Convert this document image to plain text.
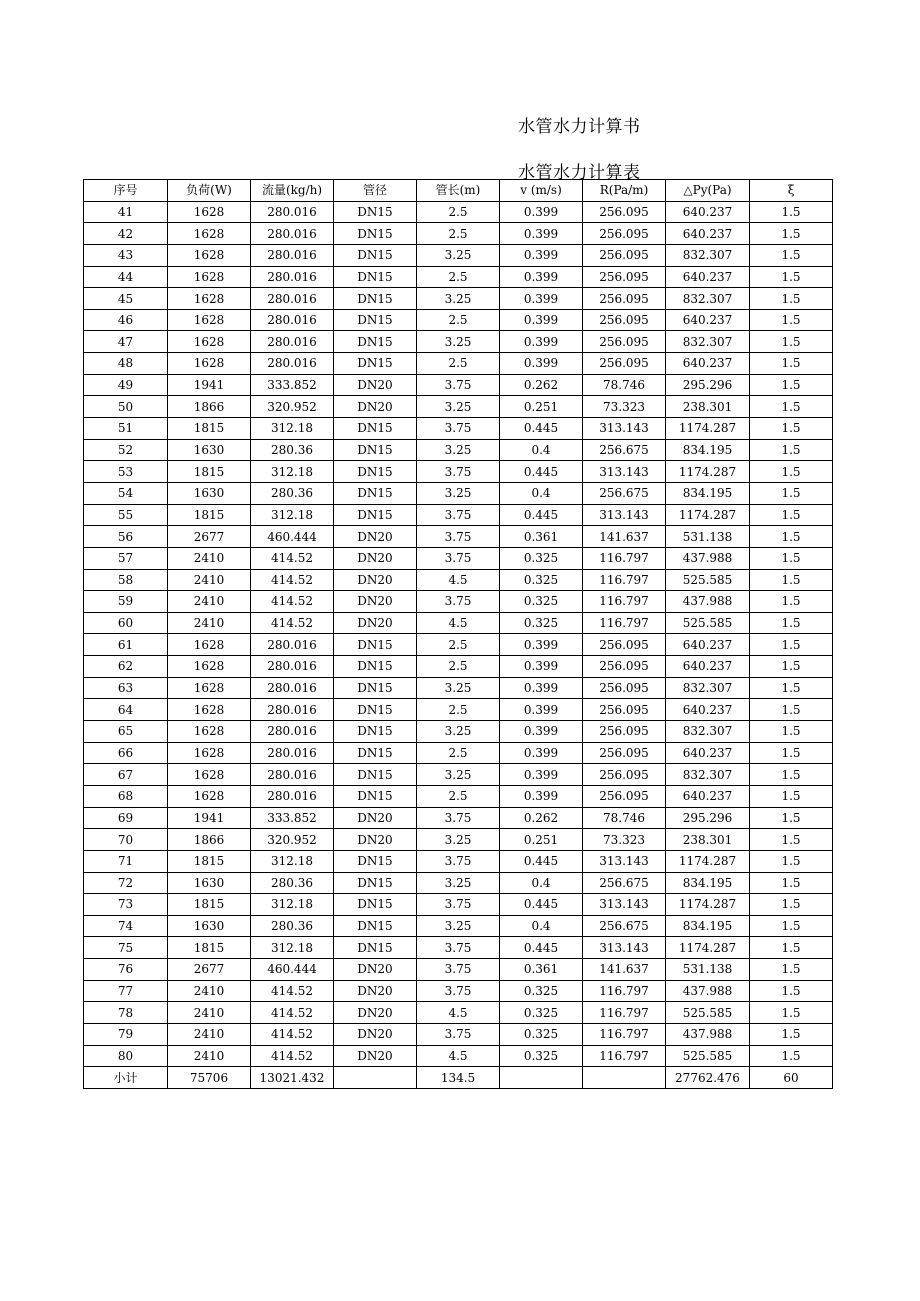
水管水力计算书
水管水力计算表
序号	负荷(W)	流量(kg/h)	管径	管长(m)	v (m/s)	R(Pa/m)	△Py(Pa)	ξ
41	1628	280.016	DN15	2.5	0.399	256.095	640.237	1.5
42	1628	280.016	DN15	2.5	0.399	256.095	640.237	1.5
43	1628	280.016	DN15	3.25	0.399	256.095	832.307	1.5
44	1628	280.016	DN15	2.5	0.399	256.095	640.237	1.5
45	1628	280.016	DN15	3.25	0.399	256.095	832.307	1.5
46	1628	280.016	DN15	2.5	0.399	256.095	640.237	1.5
47	1628	280.016	DN15	3.25	0.399	256.095	832.307	1.5
48	1628	280.016	DN15	2.5	0.399	256.095	640.237	1.5
49	1941	333.852	DN20	3.75	0.262	78.746	295.296	1.5
50	1866	320.952	DN20	3.25	0.251	73.323	238.301	1.5
51	1815	312.18	DN15	3.75	0.445	313.143	1174.287	1.5
52	1630	280.36	DN15	3.25	0.4	256.675	834.195	1.5
53	1815	312.18	DN15	3.75	0.445	313.143	1174.287	1.5
54	1630	280.36	DN15	3.25	0.4	256.675	834.195	1.5
55	1815	312.18	DN15	3.75	0.445	313.143	1174.287	1.5
56	2677	460.444	DN20	3.75	0.361	141.637	531.138	1.5
57	2410	414.52	DN20	3.75	0.325	116.797	437.988	1.5
58	2410	414.52	DN20	4.5	0.325	116.797	525.585	1.5
59	2410	414.52	DN20	3.75	0.325	116.797	437.988	1.5
60	2410	414.52	DN20	4.5	0.325	116.797	525.585	1.5
61	1628	280.016	DN15	2.5	0.399	256.095	640.237	1.5
62	1628	280.016	DN15	2.5	0.399	256.095	640.237	1.5
63	1628	280.016	DN15	3.25	0.399	256.095	832.307	1.5
64	1628	280.016	DN15	2.5	0.399	256.095	640.237	1.5
65	1628	280.016	DN15	3.25	0.399	256.095	832.307	1.5
66	1628	280.016	DN15	2.5	0.399	256.095	640.237	1.5
67	1628	280.016	DN15	3.25	0.399	256.095	832.307	1.5
68	1628	280.016	DN15	2.5	0.399	256.095	640.237	1.5
69	1941	333.852	DN20	3.75	0.262	78.746	295.296	1.5
70	1866	320.952	DN20	3.25	0.251	73.323	238.301	1.5
71	1815	312.18	DN15	3.75	0.445	313.143	1174.287	1.5
72	1630	280.36	DN15	3.25	0.4	256.675	834.195	1.5
73	1815	312.18	DN15	3.75	0.445	313.143	1174.287	1.5
74	1630	280.36	DN15	3.25	0.4	256.675	834.195	1.5
75	1815	312.18	DN15	3.75	0.445	313.143	1174.287	1.5
76	2677	460.444	DN20	3.75	0.361	141.637	531.138	1.5
77	2410	414.52	DN20	3.75	0.325	116.797	437.988	1.5
78	2410	414.52	DN20	4.5	0.325	116.797	525.585	1.5
79	2410	414.52	DN20	3.75	0.325	116.797	437.988	1.5
80	2410	414.52	DN20	4.5	0.325	116.797	525.585	1.5
小计	75706	13021.432		134.5			27762.476	60
